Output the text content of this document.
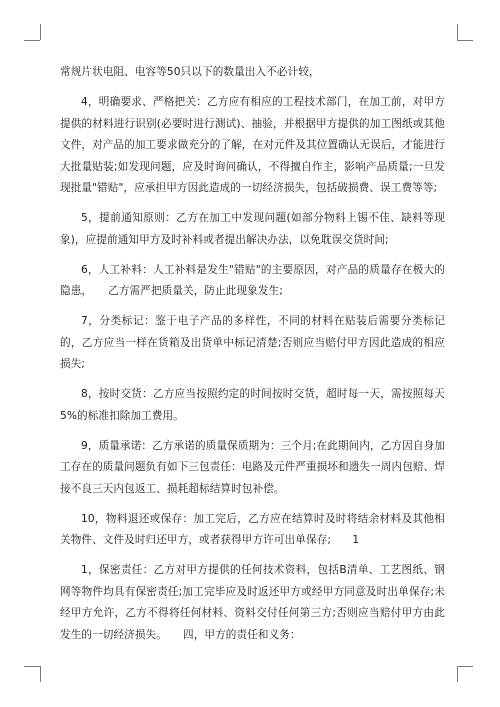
常规片状电阻、电容等50只以下的数量出入不必计较，

4，明确要求、严格把关：乙方应有相应的工程技术部门，在加工前，对甲方提供的材料进行识别(必要时进行测试)、抽验，并根据甲方提供的加工图纸或其他文件，对产品的加工要求做充分的了解，在对元件及其位置确认无误后，才能进行大批量贴装;如发现问题，应及时询问确认，不得擅自作主，影响产品质量;一旦发现批量"错贴"，应承担甲方因此造成的一切经济损失，包括破损费、误工费等等;

5，提前通知原则：乙方在加工中发现问题(如部分物料上锡不佳、缺料等现象)，应提前通知甲方及时补料或者提出解决办法，以免耽误交货时间;

6，人工补料：人工补料是发生"错贴"的主要原因，对产品的质量存在极大的隐患，　　乙方需严把质量关，防止此现象发生;

7，分类标记：鉴于电子产品的多样性，不同的材料在贴装后需要分类标记的，乙方应当一样在货箱及出货单中标记清楚;否则应当赔付甲方因此造成的相应损失;

8，按时交货：乙方应当按照约定的时间按时交货，超时每一天，需按照每天5%的标准扣除加工费用。

9，质量承诺：乙方承诺的质量保质期为：三个月;在此期间内，乙方因自身加工存在的质量问题负有如下三包责任：电路及元件严重损坏和遗失一周内包赔、焊接不良三天内包返工、损耗超标结算时包补偿。

10，物料退还或保存：加工完后，乙方应在结算时及时将结余材料及其他相关物件、文件及时归还甲方，或者获得甲方许可出单保存;　　1

1，保密责任：乙方对甲方提供的任何技术资料，包括B清单、工艺图纸、钢网等物件均具有保密责任;加工完毕应及时返还甲方或经甲方同意及时出单保存;未经甲方允许，乙方不得将任何材料、资料交付任何第三方;否则应当赔付甲方由此发生的一切经济损失。　　四，甲方的责任和义务：
